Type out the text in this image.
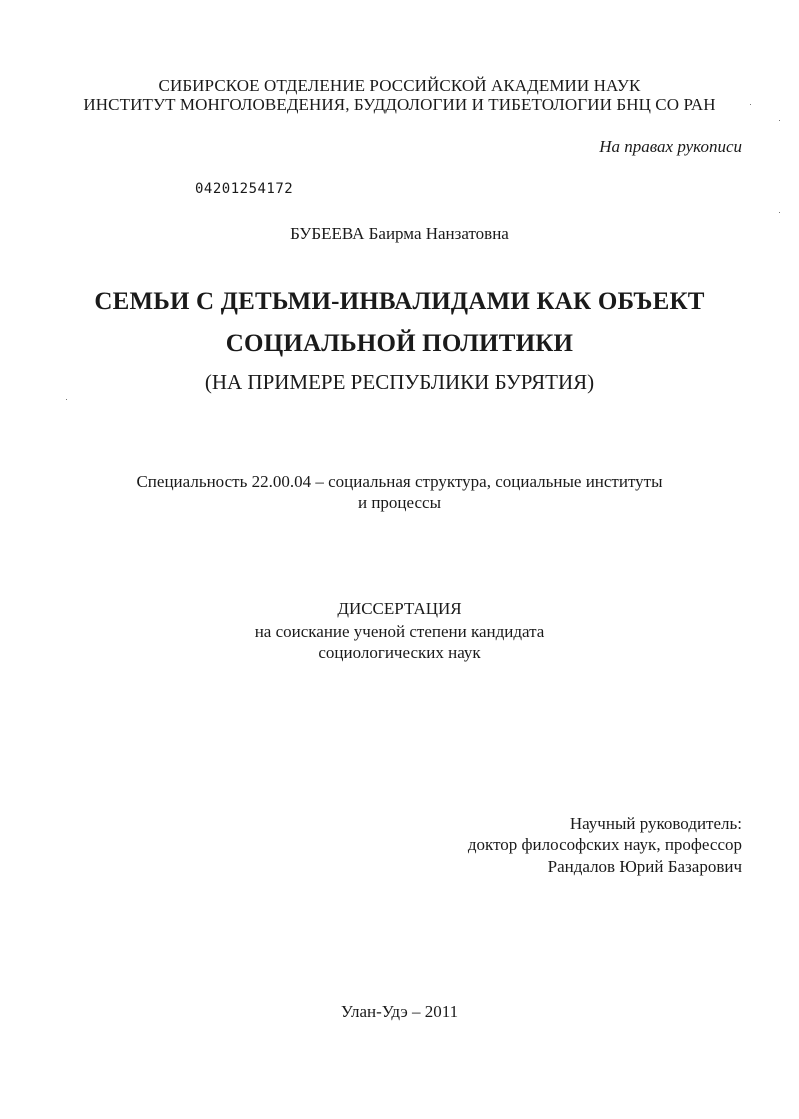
СИБИРСКОЕ ОТДЕЛЕНИЕ РОССИЙСКОЙ АКАДЕМИИ НАУК
ИНСТИТУТ МОНГОЛОВЕДЕНИЯ, БУДДОЛОГИИ И ТИБЕТОЛОГИИ БНЦ СО РАН
На правах рукописи
04201254172
БУБЕЕВА Баирма Нанзатовна
СЕМЬИ С ДЕТЬМИ-ИНВАЛИДАМИ КАК ОБЪЕКТ
СОЦИАЛЬНОЙ ПОЛИТИКИ
(НА ПРИМЕРЕ РЕСПУБЛИКИ БУРЯТИЯ)
Специальность 22.00.04 – социальная структура, социальные институты
и процессы
ДИССЕРТАЦИЯ
на соискание ученой степени кандидата
социологических наук
Научный руководитель:
доктор философских наук, профессор
Рандалов Юрий Базарович
Улан-Удэ – 2011
